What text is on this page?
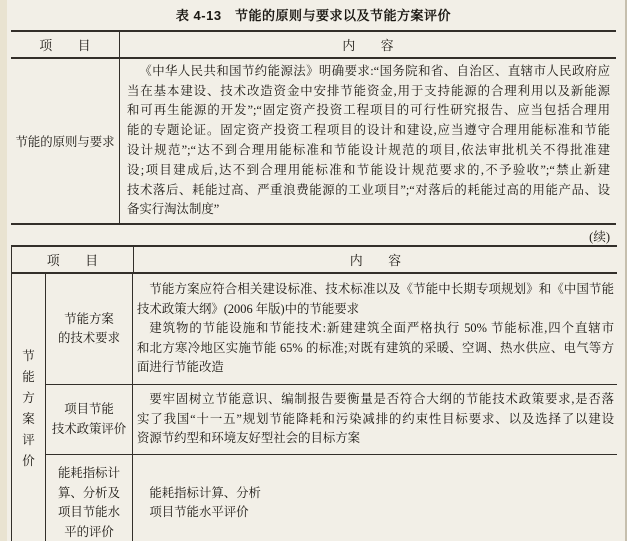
表 4-13　节能的原则与要求以及节能方案评价
项　　目	内　　容
节能的原则与要求
《中华人民共和国节约能源法》明确要求:“国务院和省、自治区、直辖市人民政府应
当在基本建设、技术改造资金中安排节能资金,用于支持能源的合理利用以及新能源
和可再生能源的开发”;“固定资产投资工程项目的可行性研究报告、应当包括合理用
能的专题论证。固定资产投资工程项目的设计和建设,应当遵守合理用能标准和节能
设计规范”;“达不到合理用能标准和节能设计规范的项目,依法审批机关不得批准建
设;项目建成后,达不到合理用能标准和节能设计规范要求的,不予验收”;“禁止新建
技术落后、耗能过高、严重浪费能源的工业项目”;“对落后的耗能过高的用能产品、设
备实行淘汰制度”
(续)
项　　目	内　　容
节
能
方
案
评
价
节能方案
的技术要求
节能方案应符合相关建设标准、技术标准以及《节能中长期专项规划》和《中国节能
技术政策大纲》(2006 年版)中的节能要求
建筑物的节能设施和节能技术:新建建筑全面严格执行 50% 节能标准,四个直辖市
和北方寒冷地区实施节能 65% 的标准;对既有建筑的采暖、空调、热水供应、电气等方
面进行节能改造
项目节能
技术政策评价
要牢固树立节能意识、编制报告要衡量是否符合大纲的节能技术政策要求,是否落
实了我国“十一五”规划节能降耗和污染减排的约束性目标要求、以及选择了以建设
资源节约型和环境友好型社会的目标方案
能耗指标计
算、分析及
项目节能水
平的评价
能耗指标计算、分析
项目节能水平评价
